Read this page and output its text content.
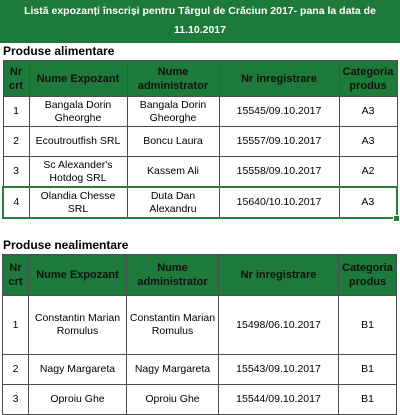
Listă expozanți înscriși pentru Târgul de Crăciun 2017- pana la data de
11.10.2017
Produse alimentare
Nr crt	Nume Expozant	Nume administrator	Nr inregistrare	Categoria produs
1	Bangala Dorin Gheorghe	Bangala Dorin Gheorghe	15545/09.10.2017	A3
2	Ecoutroutfish SRL	Boncu Laura	15557/09.10.2017	A3
3	Sc Alexander's Hotdog SRL	Kassem Ali	15558/09.10.2017	A2
4	Olandia Chesse SRL	Duta Dan Alexandru	15640/10.10.2017	A3
Produse nealimentare
Nr crt	Nume Expozant	Nume administrator	Nr inregistrare	Categoria produs
1	Constantin Marian Romulus	Constantin Marian Romulus	15498/06.10.2017	B1
2	Nagy Margareta	Nagy Margareta	15543/09.10.2017	B1
3	Oproiu Ghe	Oproiu Ghe	15544/09.10.2017	B1
